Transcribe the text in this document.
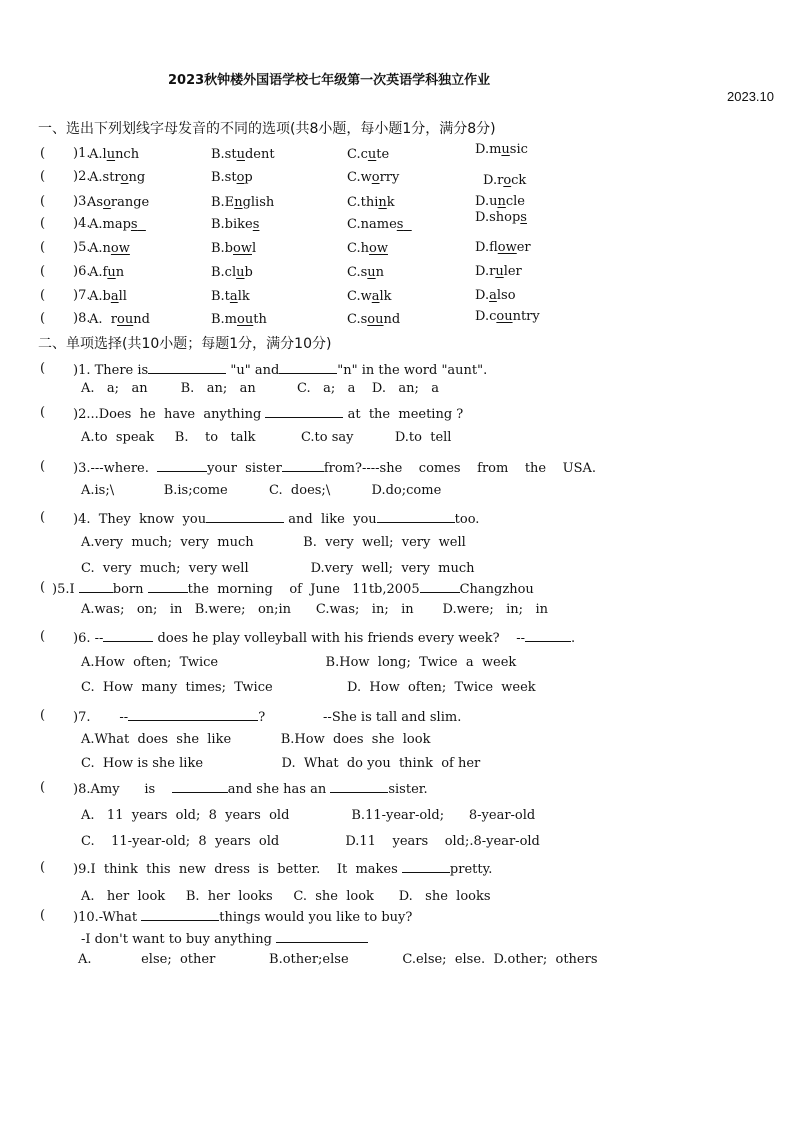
2023秋钟楼外国语学校七年级第一次英语学科独立作业
2023.10
一、选出下列划线字母发音的不同的选项(共8小题，每小题1分，满分8分)
( )1.
A.lunch	B.student	C.cute	D.music
( )2.
A.strong	B.stop	C.worry	D.rock
( )3.
Asorange	B.English	C.think	D.uncle
( )4.
A.maps	B.bikes	C.names	D.shops
( )5.
A.now	B.bowl	C.how	D.flower
( )6.
A.fun	B.club	C.sun	D.ruler
( )7.
A.ball	B.talk	C.walk	D.also
( )8.
A.  round	B.mouth	C.sound	D.country
二、单项选择(共10小题；每题1分，满分10分)
( )1. There is	"u" and	"n" in the word "aunt".
A.   a;   an        B.   an;   an          C.   a;   a    D.   an;   a
( )2...Does  he  have  anything	at  the  meeting ?
A.to  speak     B.    to   talk           C.to say          D.to  tell
( )3.---where.	your  sister	from?----she    comes    from    the    USA.
A.is;\            B.is;come          C.  does;\          D.do;come
( )4.  They  know  you	and  like  you	too.
A.very  much;  very  much            B.  very  well;  very  well
C.  very  much;  very well               D.very  well;  very  much
( )5.I	born	the  morning    of  June   11tb,2005	Changzhou
A.was;   on;   in   B.were;   on;in      C.was;   in;   in       D.were;   in;   in
( )6. --	does he play volleyball with his friends every week? --	.
A.How  often;  Twice                          B.How  long;  Twice  a  week
C.  How  many  times;  Twice                  D.  How  often;  Twice  week
( )7.       --	?	--She is tall and slim.
A.What  does  she  like            B.How  does  she  look
C.  How is she like                   D.  What  do you  think  of her
( )8.Amy      is	and she has an	sister.
A.   11  years  old;  8  years  old               B.11-year-old;      8-year-old
C.    11-year-old;  8  years  old                D.11    years    old;.8-year-old
( )9.I  think  this  new  dress  is  better.    It  makes	pretty.
A.   her  look     B.  her  looks     C.  she  look      D.   she  looks
( )10.-What	things would you like to buy?
-I don't want to buy anything
A.            else;  other             B.other;else             C.else;  else.  D.other;  others
